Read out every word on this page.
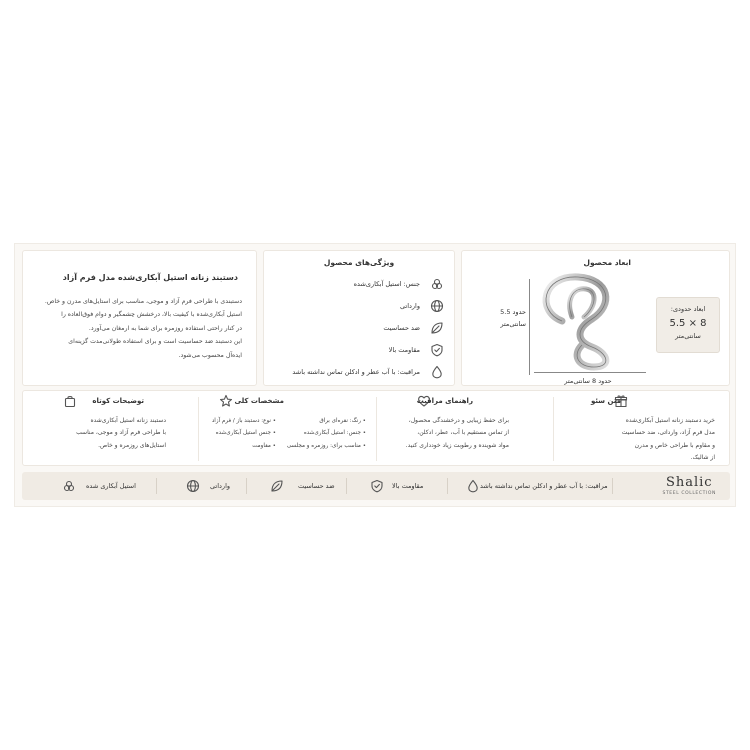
ابعاد محصول
حدود 5.5
سانتی‌متر
حدود 8 سانتی‌متر
ابعاد حدودی:
5.5 × 8
سانتی‌متر
ویژگی‌های محصول
جنس: استیل آبکاری‌شده
وارداتی
ضد حساسیت
مقاومت بالا
مراقبت: با آب عطر و ادکلن تماس نداشته باشد
دستبند زنانه استیل آبکاری‌شده مدل فرم آزاد
دستبندی با طراحی فرم آزاد و موجی، مناسب برای استایل‌های مدرن و خاص.
استیل آبکاری‌شده با کیفیت بالا، درخشش چشمگیر و دوام فوق‌العاده را
در کنار راحتی استفاده روزمره برای شما به ارمغان می‌آورد.
این دستبند ضد حساسیت است و برای استفاده طولانی‌مدت گزینه‌ای
ایده‌آل محسوب می‌شود.
متن سئو
خرید دستبند زنانه استیل آبکاری‌شده
مدل فرم آزاد، وارداتی، ضد حساسیت
و مقاوم با طراحی خاص و مدرن
از شالیک.
راهنمای مراقبت
برای حفظ زیبایی و درخشندگی محصول،
از تماس مستقیم با آب، عطر، ادکلن،
مواد شوینده و رطوبت زیاد خودداری کنید.
مشخصات کلی
• رنگ: نقره‌ای براق
• جنس: استیل آبکاری‌شده
• مناسب برای: روزمره و مجلسی
• نوع: دستبند باز / فرم آزاد
• جنس استیل آبکاری‌شده
• مقاومت
توضیحات کوتاه
دستبند زنانه استیل آبکاری‌شده
با طراحی فرم آزاد و موجی، مناسب
استایل‌های روزمره و خاص.
Shalic
STEEL COLLECTION
مراقبت: با آب عطر و ادکلن تماس نداشته باشد
مقاومت بالا
ضد حساسیت
وارداتی
استیل آبکاری شده
